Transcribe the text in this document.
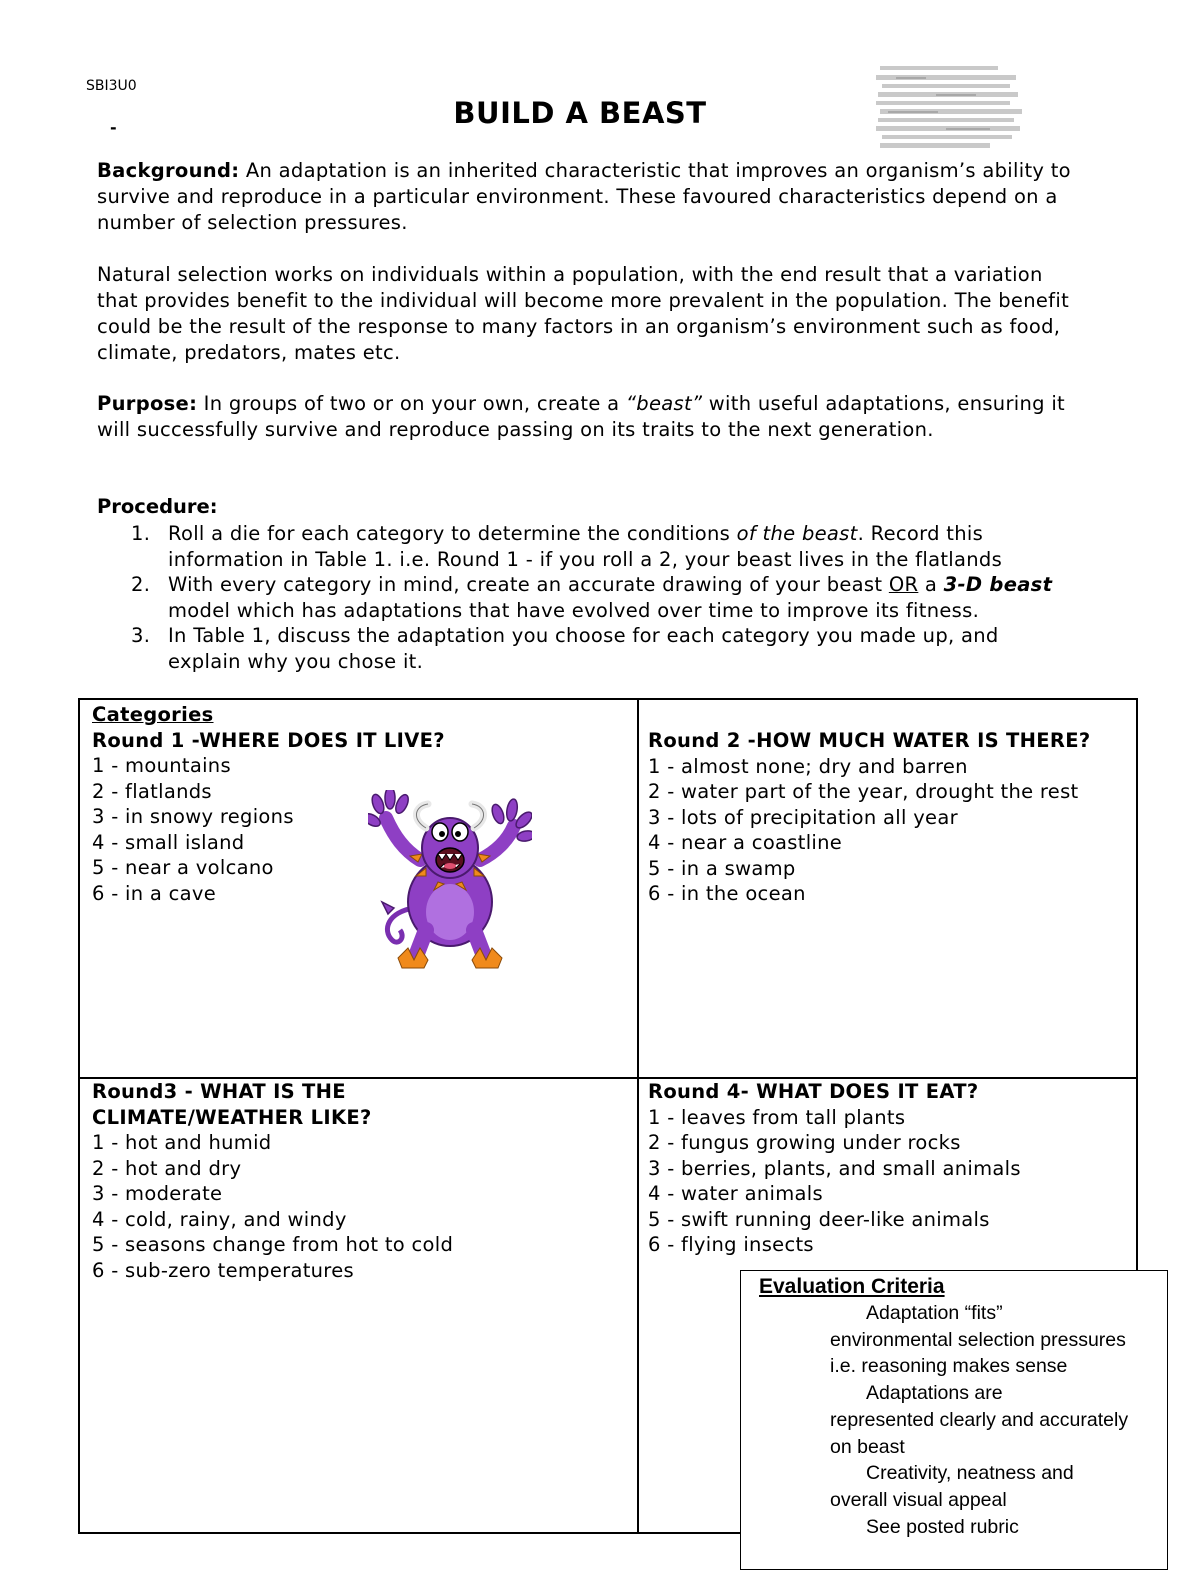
SBI3U0
-	BUILD A BEAST
Background: An adaptation is an inherited characteristic that improves an organism’s ability to survive and reproduce in a particular environment. These favoured characteristics depend on a number of selection pressures.
Natural selection works on individuals within a population, with the end result that a variation that provides benefit to the individual will become more prevalent in the population. The benefit could be the result of the response to many factors in an organism’s environment such as food, climate, predators, mates etc.
Purpose: In groups of two or on your own, create a “beast” with useful adaptations, ensuring it will successfully survive and reproduce passing on its traits to the next generation.
Procedure:
1. Roll a die for each category to determine the conditions of the beast. Record this information in Table 1. i.e. Round 1 - if you roll a 2, your beast lives in the flatlands
2. With every category in mind, create an accurate drawing of your beast OR a 3-D beast model which has adaptations that have evolved over time to improve its fitness.
3. In Table 1, discuss the adaptation you choose for each category you made up, and explain why you chose it.
Categories
Round 1 -WHERE DOES IT LIVE?
1 - mountains
2 - flatlands
3 - in snowy regions
4 - small island
5 - near a volcano
6 - in a cave
Round 2 -HOW MUCH WATER IS THERE?
1 - almost none; dry and barren
2 - water part of the year, drought the rest
3 - lots of precipitation all year
4 - near a coastline
5 - in a swamp
6 - in the ocean
Round3 - WHAT IS THE CLIMATE/WEATHER LIKE?
1 - hot and humid
2 - hot and dry
3 - moderate
4 - cold, rainy, and windy
5 - seasons change from hot to cold
6 - sub-zero temperatures
Round 4- WHAT DOES IT EAT?
1 - leaves from tall plants
2 - fungus growing under rocks
3 - berries, plants, and small animals
4 - water animals
5 - swift running deer-like animals
6 - flying insects
Evaluation Criteria
Adaptation “fits”
environmental selection pressures i.e. reasoning makes sense
Adaptations are
represented clearly and accurately on beast
Creativity, neatness and
overall visual appeal
See posted rubric
